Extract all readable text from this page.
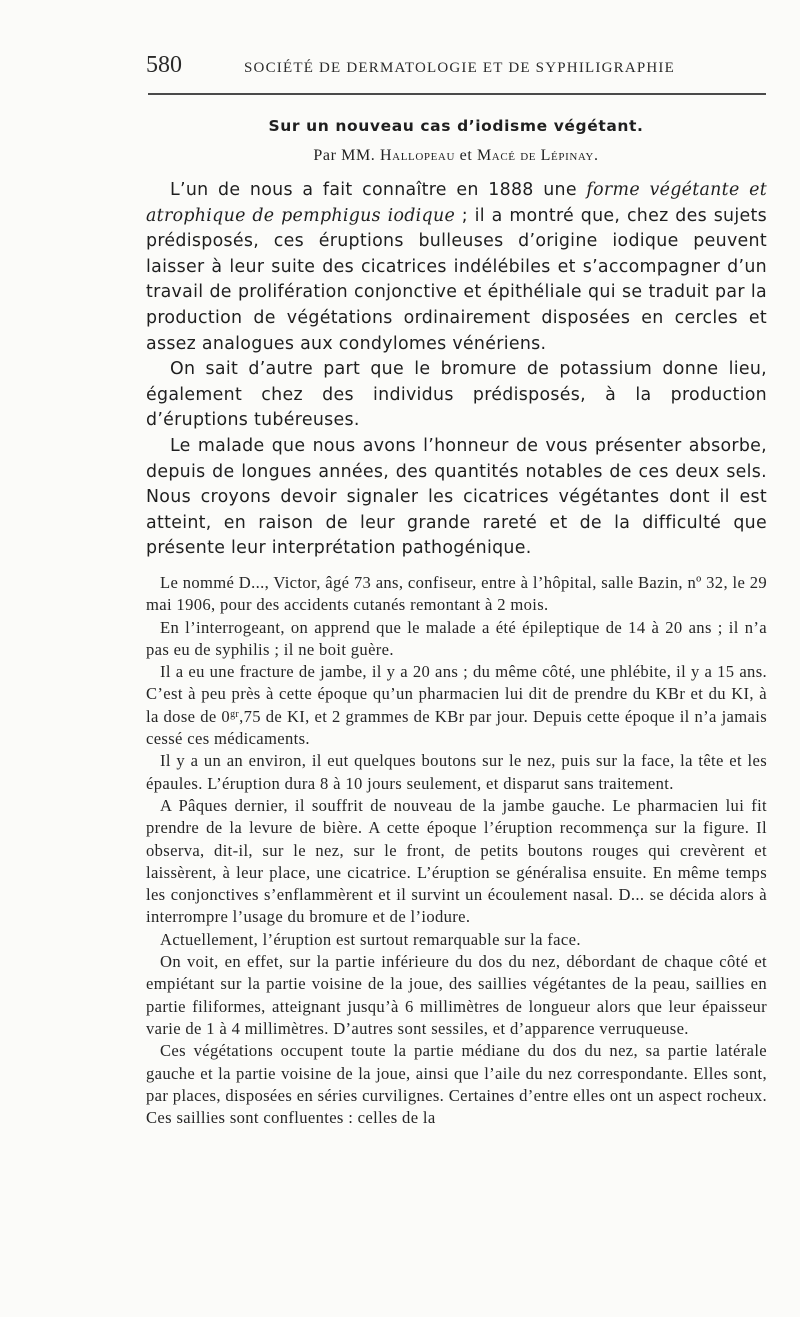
580	SOCIÉTÉ DE DERMATOLOGIE ET DE SYPHILIGRAPHIE
Sur un nouveau cas d’iodisme végétant.
Par MM. Hallopeau et Macé de Lépinay.

L’un de nous a fait connaître en 1888 une forme végétante et atrophique de pemphigus iodique ; il a montré que, chez des sujets prédisposés, ces éruptions bulleuses d’origine iodique peuvent laisser à leur suite des cicatrices indélébiles et s’accompagner d’un travail de prolifération conjonctive et épithéliale qui se traduit par la production de végétations ordinairement disposées en cercles et assez analogues aux condylomes vénériens.

On sait d’autre part que le bromure de potassium donne lieu, également chez des individus prédisposés, à la production d’éruptions tubéreuses.

Le malade que nous avons l’honneur de vous présenter absorbe, depuis de longues années, des quantités notables de ces deux sels. Nous croyons devoir signaler les cicatrices végétantes dont il est atteint, en raison de leur grande rareté et de la difficulté que présente leur interprétation pathogénique.

Le nommé D..., Victor, âgé 73 ans, confiseur, entre à l’hôpital, salle Bazin, nº 32, le 29 mai 1906, pour des accidents cutanés remontant à 2 mois.

En l’interrogeant, on apprend que le malade a été épileptique de 14 à 20 ans ; il n’a pas eu de syphilis ; il ne boit guère.

Il a eu une fracture de jambe, il y a 20 ans ; du même côté, une phlébite, il y a 15 ans. C’est à peu près à cette époque qu’un pharmacien lui dit de prendre du KBr et du KI, à la dose de $0^{gr},75$ de KI, et 2 grammes de KBr par jour. Depuis cette époque il n’a jamais cessé ces médicaments.

Il y a un an environ, il eut quelques boutons sur le nez, puis sur la face, la tête et les épaules. L’éruption dura 8 à 10 jours seulement, et disparut sans traitement.

A Pâques dernier, il souffrit de nouveau de la jambe gauche. Le pharmacien lui fit prendre de la levure de bière. A cette époque l’éruption recommença sur la figure. Il observa, dit-il, sur le nez, sur le front, de petits boutons rouges qui crevèrent et laissèrent, à leur place, une cicatrice. L’éruption se généralisa ensuite. En même temps les conjonctives s’enflammèrent et il survint un écoulement nasal. D... se décida alors à interrompre l’usage du bromure et de l’iodure.

Actuellement, l’éruption est surtout remarquable sur la face.

On voit, en effet, sur la partie inférieure du dos du nez, débordant de chaque côté et empiétant sur la partie voisine de la joue, des saillies végétantes de la peau, saillies en partie filiformes, atteignant jusqu’à 6 millimètres de longueur alors que leur épaisseur varie de 1 à 4 millimètres. D’autres sont sessiles, et d’apparence verruqueuse.

Ces végétations occupent toute la partie médiane du dos du nez, sa partie latérale gauche et la partie voisine de la joue, ainsi que l’aile du nez correspondante. Elles sont, par places, disposées en séries curvilignes. Certaines d’entre elles ont un aspect rocheux. Ces saillies sont confluentes : celles de la
